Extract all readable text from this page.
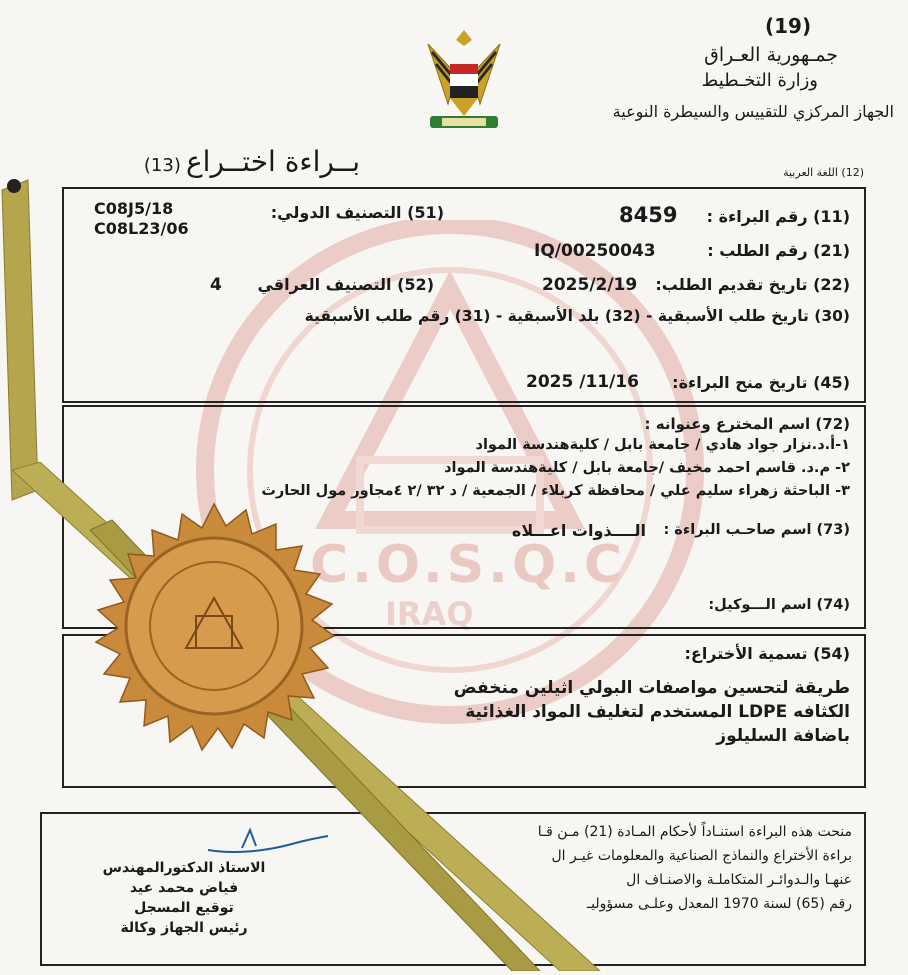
C.O.S.Q.C
IRAQ
(19)
جمـهورية العـراق
وزارة التخـطيط
الجهاز المركزي للتقييس والسيطرة النوعية
بــراءة اختــراع (13)	(12) اللغة العربية
(11) رقم البراءة :
8459
(51) التصنيف الدولي:
C08J5/18
C08L23/06
(21) رقم الطلب :
IQ/00250043
(22) تاريخ تقديم الطلب:
2025/2/19
(52) التصنيف العراقي
4
(30) تاريخ طلب الأسبقية - (32) بلد الأسبقية - (31) رقم طلب الأسبقية
(45) تاريخ منح البراءة:
2025 /11/16
(72) اسم المخترع وعنوانه :
١-أ.د.نزار جواد هادي / جامعة بابل / كليةهندسة المواد
٢- م.د. قاسم احمد مخيف /جامعة بابل / كليةهندسة المواد
٣- الباحثة زهراء سليم علي / محافظة كربلاء / الجمعية / د ٣٢ /٢ ٤مجاور مول الحارث
(73) اسم صاحـب البراءة :
الــــذوات اعـــلاه
(74) اسم الـــوكيل:
(54) تسمية الأختراع:
طريقة لتحسين مواصفات البولي اثيلين منخفض
الكثافه LDPE المستخدم لتغليف المواد الغذائية
باضافة السليلوز
منحت هذه البراءة استنـاداً لأحكام المـادة (21) مـن قـا
براءة الأختراع والنماذج الصناعية والمعلومات غيـر ال
عنهـا والـدوائـر المتكاملـة والاصنـاف ال
رقم (65) لسنة 1970 المعدل وعلـى مسؤوليـ
الاستاذ الدكتورالمهندس
فياض محمد عيد
توقيع المسجل
رئيس الجهاز وكالة
